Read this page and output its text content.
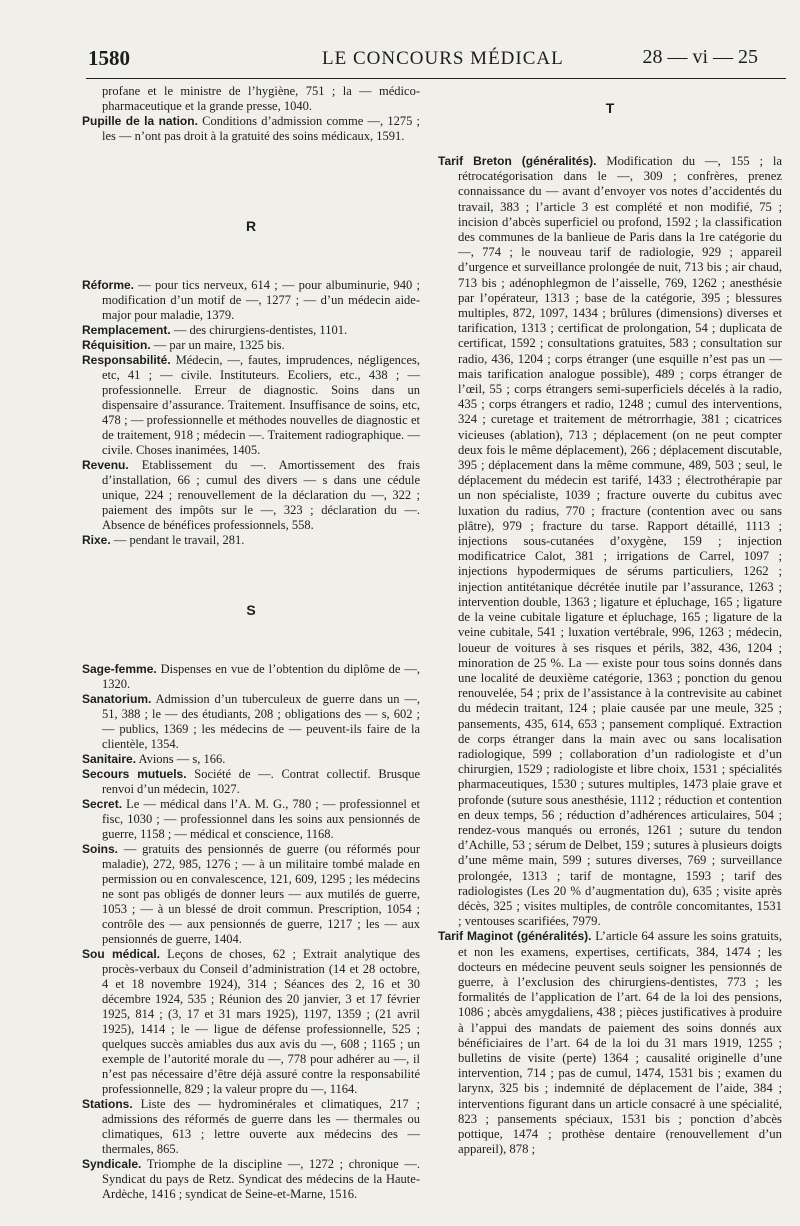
1580	LE CONCOURS MÉDICAL	28 — vi — 25

profane et le ministre de l’hygiène, 751 ; la — médico-pharmaceutique et la grande presse, 1040.

Pupille de la nation. Conditions d’admission comme —, 1275 ; les — n’ont pas droit à la gratuité des soins médicaux, 1591.

R

Réforme. — pour tics nerveux, 614 ; — pour albuminurie, 940 ; modification d’un motif de —, 1277 ; — d’un médecin aide-major pour maladie, 1379.

Remplacement. — des chirurgiens-dentistes, 1101.

Réquisition. — par un maire, 1325 bis.

Responsabilité. Médecin, —, fautes, imprudences, négligences, etc, 41 ; — civile. Instituteurs. Ecoliers, etc., 438 ; — professionnelle. Erreur de diagnostic. Soins dans un dispensaire d’assurance. Traitement. Insuffisance de soins, etc, 478 ; — professionnelle et méthodes nouvelles de diagnostic et de traitement, 918 ; médecin —. Traitement radiographique. — civile. Choses inanimées, 1405.

Revenu. Etablissement du —. Amortissement des frais d’installation, 66 ; cumul des divers — s dans une cédule unique, 224 ; renouvellement de la déclaration du —, 322 ; paiement des impôts sur le —, 323 ; déclaration du —. Absence de bénéfices professionnels, 558.

Rixe. — pendant le travail, 281.

S

Sage-femme. Dispenses en vue de l’obtention du diplôme de —, 1320.

Sanatorium. Admission d’un tuberculeux de guerre dans un —, 51, 388 ; le — des étudiants, 208 ; obligations des — s, 602 ; — publics, 1369 ; les médecins de — peuvent-ils faire de la clientèle, 1354.

Sanitaire. Avions — s, 166.

Secours mutuels. Société de —. Contrat collectif. Brusque renvoi d’un médecin, 1027.

Secret. Le — médical dans l’A. M. G., 780 ; — professionnel et fisc, 1030 ; — professionnel dans les soins aux pensionnés de guerre, 1158 ; — médical et conscience, 1168.

Soins. — gratuits des pensionnés de guerre (ou réformés pour maladie), 272, 985, 1276 ; — à un militaire tombé malade en permission ou en convalescence, 121, 609, 1295 ; les médecins ne sont pas obligés de donner leurs — aux mutilés de guerre, 1053 ; — à un blessé de droit commun. Prescription, 1054 ; contrôle des — aux pensionnés de guerre, 1217 ; les — aux pensionnés de guerre, 1404.

Sou médical. Leçons de choses, 62 ; Extrait analytique des procès-verbaux du Conseil d’administration (14 et 28 octobre, 4 et 18 novembre 1924), 314 ; Séances des 2, 16 et 30 décembre 1924, 535 ; Réunion des 20 janvier, 3 et 17 février 1925, 814 ; (3, 17 et 31 mars 1925), 1197, 1359 ; (21 avril 1925), 1414 ; le — ligue de défense professionnelle, 525 ; quelques succès amiables dus aux avis du —, 608 ; 1165 ; un exemple de l’autorité morale du —, 778 pour adhérer au —, il n’est pas nécessaire d’être déjà assuré contre la responsabilité professionnelle, 829 ; la valeur propre du —, 1164.

Stations. Liste des — hydrominérales et climatiques, 217 ; admissions des réformés de guerre dans les — thermales ou climatiques, 613 ; lettre ouverte aux médecins des — thermales, 865.

Syndicale. Triomphe de la discipline —, 1272 ; chronique —. Syndicat du pays de Retz. Syndicat des médecins de la Haute-Ardèche, 1416 ; syndicat de Seine-et-Marne, 1516.

T

Tarif Breton (généralités). Modification du —, 155 ; la rétrocatégorisation dans le —, 309 ; confrères, prenez connaissance du — avant d’envoyer vos notes d’accidentés du travail, 383 ; l’article 3 est complété et non modifié, 75 ; incision d’abcès superficiel ou profond, 1592 ; la classification des communes de la banlieue de Paris dans la 1re catégorie du —, 774 ; le nouveau tarif de radiologie, 929 ; appareil d’urgence et surveillance prolongée de nuit, 713 bis ; air chaud, 713 bis ; adénophlegmon de l’aisselle, 769, 1262 ; anesthésie par l’opérateur, 1313 ; base de la catégorie, 395 ; blessures multiples, 872, 1097, 1434 ; brûlures (dimensions) diverses et tarification, 1313 ; certificat de prolongation, 54 ; duplicata de certificat, 1592 ; consultations gratuites, 583 ; consultation sur radio, 436, 1204 ; corps étranger (une esquille n’est pas un — mais tarification analogue possible), 489 ; corps étranger de l’œil, 55 ; corps étrangers semi-superficiels décelés à la radio, 435 ; corps étrangers et radio, 1248 ; cumul des interventions, 324 ; curetage et traitement de métrorrhagie, 381 ; cicatrices vicieuses (ablation), 713 ; déplacement (on ne peut compter deux fois le même déplacement), 266 ; déplacement discutable, 395 ; déplacement dans la même commune, 489, 503 ; seul, le déplacement du médecin est tarifé, 1433 ; électrothérapie par un non spécialiste, 1039 ; fracture ouverte du cubitus avec luxation du radius, 770 ; fracture (contention avec ou sans plâtre), 979 ; fracture du tarse. Rapport détaillé, 1113 ; injections sous-cutanées d’oxygène, 159 ; injection modificatrice Calot, 381 ; irrigations de Carrel, 1097 ; injections hypodermiques de sérums particuliers, 1262 ; injection antitétanique décrétée inutile par l’assurance, 1263 ; intervention double, 1363 ; ligature et épluchage, 165 ; ligature de la veine cubitale ligature et épluchage, 165 ; ligature de la veine cubitale, 541 ; luxation vertébrale, 996, 1263 ; médecin, loueur de voitures à ses risques et périls, 382, 436, 1204 ; minoration de 25 %. La — existe pour tous soins donnés dans une localité de deuxième catégorie, 1363 ; ponction du genou renouvelée, 54 ; prix de l’assistance à la contrevisite au cabinet du médecin traitant, 124 ; plaie causée par une meule, 325 ; pansements, 435, 614, 653 ; pansement compliqué. Extraction de corps étranger dans la main avec ou sans localisation radiologique, 599 ; collaboration d’un radiologiste et d’un chirurgien, 1529 ; radiologiste et libre choix, 1531 ; spécialités pharmaceutiques, 1530 ; sutures multiples, 1473 plaie grave et profonde (suture sous anesthésie, 1112 ; réduction et contention en deux temps, 56 ; réduction d’adhérences articulaires, 504 ; rendez-vous manqués ou erronés, 1261 ; suture du tendon d’Achille, 53 ; sérum de Delbet, 159 ; sutures à plusieurs doigts d’une même main, 599 ; sutures diverses, 769 ; surveillance prolongée, 1313 ; tarif de montagne, 1593 ; tarif des radiologistes (Les 20 % d’augmentation du), 635 ; visite après décès, 325 ; visites multiples, de contrôle concomitantes, 1531 ; ventouses scarifiées, 7979.

Tarif Maginot (généralités). L’article 64 assure les soins gratuits, et non les examens, expertises, certificats, 384, 1474 ; les docteurs en médecine peuvent seuls soigner les pensionnés de guerre, à l’exclusion des chirurgiens-dentistes, 773 ; les formalités de l’application de l’art. 64 de la loi des pensions, 1086 ; abcès amygdaliens, 438 ; pièces justificatives à produire à l’appui des mandats de paiement des soins donnés aux bénéficiaires de l’art. 64 de la loi du 31 mars 1919, 1255 ; bulletins de visite (perte) 1364 ; causalité originelle d’une intervention, 714 ; pas de cumul, 1474, 1531 bis ; examen du larynx, 325 bis ; indemnité de déplacement de l’aide, 384 ; interventions figurant dans un article consacré à une spécialité, 823 ; pansements spéciaux, 1531 bis ; ponction d’abcès pottique, 1474 ; prothèse dentaire (renouvellement d’un appareil), 878 ;
